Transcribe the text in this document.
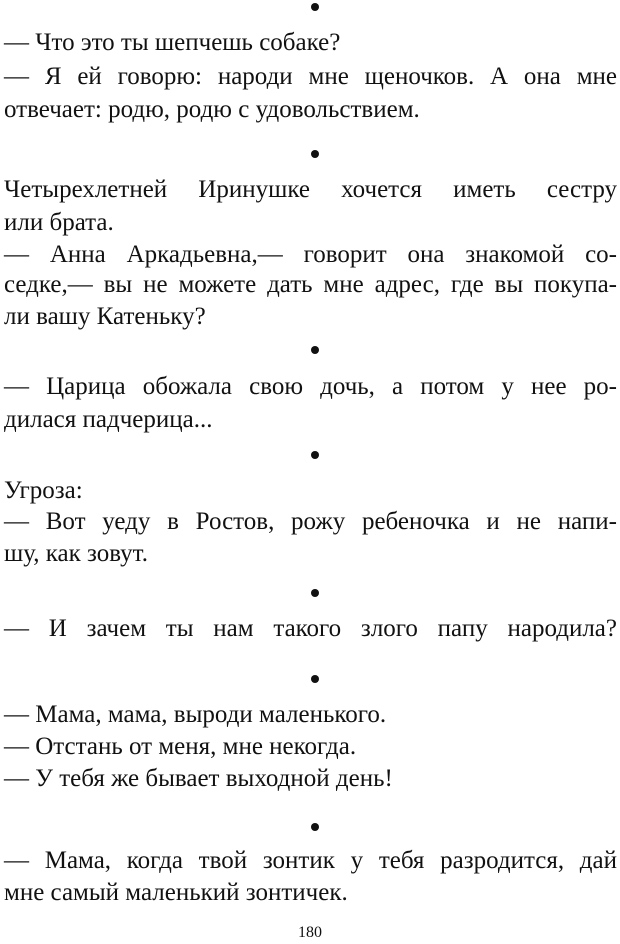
— Что это ты шепчешь собаке?
— Я ей говорю: народи мне щеночков. А она мне
отвечает: родю, родю с удовольствием.
Четырехлетней Иринушке хочется иметь сестру
или брата.
— Анна Аркадьевна,— говорит она знакомой со-
седке,— вы не можете дать мне адрес, где вы покупа-
ли вашу Катеньку?
— Царица обожала свою дочь, а потом у нее ро-
дилася падчерица...
Угроза:
— Вот уеду в Ростов, рожу ребеночка и не напи-
шу, как зовут.
— И зачем ты нам такого злого папу народила?
— Мама, мама, выроди маленького.
— Отстань от меня, мне некогда.
— У тебя же бывает выходной день!
— Мама, когда твой зонтик у тебя разродится, дай
мне самый маленький зонтичек.
180
